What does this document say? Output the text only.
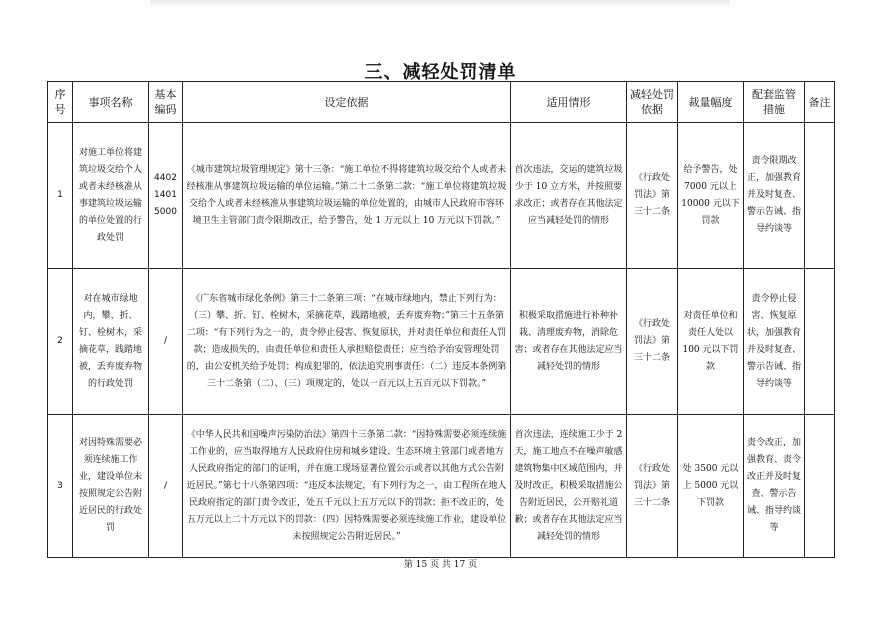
三、减轻处罚清单
序号	事项名称	基本编码	设定依据	适用情形	减轻处罚依据	裁量幅度	配套监管措施	备注
1	对施工单位将建筑垃圾交给个人或者未经核准从事建筑垃圾运输的单位处置的行政处罚	440214015000	《城市建筑垃圾管理规定》第十三条：“施工单位不得将建筑垃圾交给个人或者未经核准从事建筑垃圾运输的单位运输。”第二十二条第二款：“施工单位将建筑垃圾交给个人或者未经核准从事建筑垃圾运输的单位处置的，由城市人民政府市容环境卫生主管部门责令限期改正，给予警告，处 1 万元以上 10 万元以下罚款。”	首次违法，交运的建筑垃圾少于 10 立方米，并按照要求改正；或者存在其他法定应当减轻处罚的情形	《行政处罚法》第三十二条	给予警告，处 7000 元以上 10000 元以下罚款	责令限期改正，加强教育并及时复查、警示告诫、指导约谈等	
2	对在城市绿地内，攀、折、钉、栓树木，采摘花草，践踏地被，丢弃废弃物的行政处罚	/	《广东省城市绿化条例》第三十二条第三项：“在城市绿地内，禁止下列行为：（三）攀、折、钉、栓树木，采摘花草，践踏地被，丢弃废弃物；”第三十五条第二项：“有下列行为之一的，责令停止侵害、恢复原状，并对责任单位和责任人罚款；造成损失的，由责任单位和责任人承担赔偿责任；应当给予治安管理处罚的，由公安机关给予处罚；构成犯罪的，依法追究刑事责任：（二）违反本条例第三十二条第（二）、（三）项规定的，处以一百元以上五百元以下罚款。”	积极采取措施进行补种补栽、清理废弃物，消除危害；或者存在其他法定应当减轻处罚的情形	《行政处罚法》第三十二条	对责任单位和责任人处以 100 元以下罚款	责令停止侵害、恢复原状，加强教育并及时复查、警示告诫、指导约谈等	
3	对因特殊需要必须连续施工作业，建设单位未按照规定公告附近居民的行政处罚	/	《中华人民共和国噪声污染防治法》第四十三条第二款：“因特殊需要必须连续施工作业的，应当取得地方人民政府住房和城乡建设、生态环境主管部门或者地方人民政府指定的部门的证明，并在施工现场显著位置公示或者以其他方式公告附近居民。”第七十八条第四项：“违反本法规定，有下列行为之一，由工程所在地人民政府指定的部门责令改正，处五千元以上五万元以下的罚款；拒不改正的，处五万元以上二十万元以下的罚款：（四）因特殊需要必须连续施工作业，建设单位未按照规定公告附近居民。”	首次违法，连续施工少于 2 天，施工地点不在噪声敏感建筑物集中区域范围内，并及时改正，积极采取措施公告附近居民，公开赔礼道歉；或者存在其他法定应当减轻处罚的情形	《行政处罚法》第三十二条	处 3500 元以上 5000 元以下罚款	责令改正，加强教育、责令改正并及时复查、警示告诫、指导约谈等	
第 15 页 共 17 页
